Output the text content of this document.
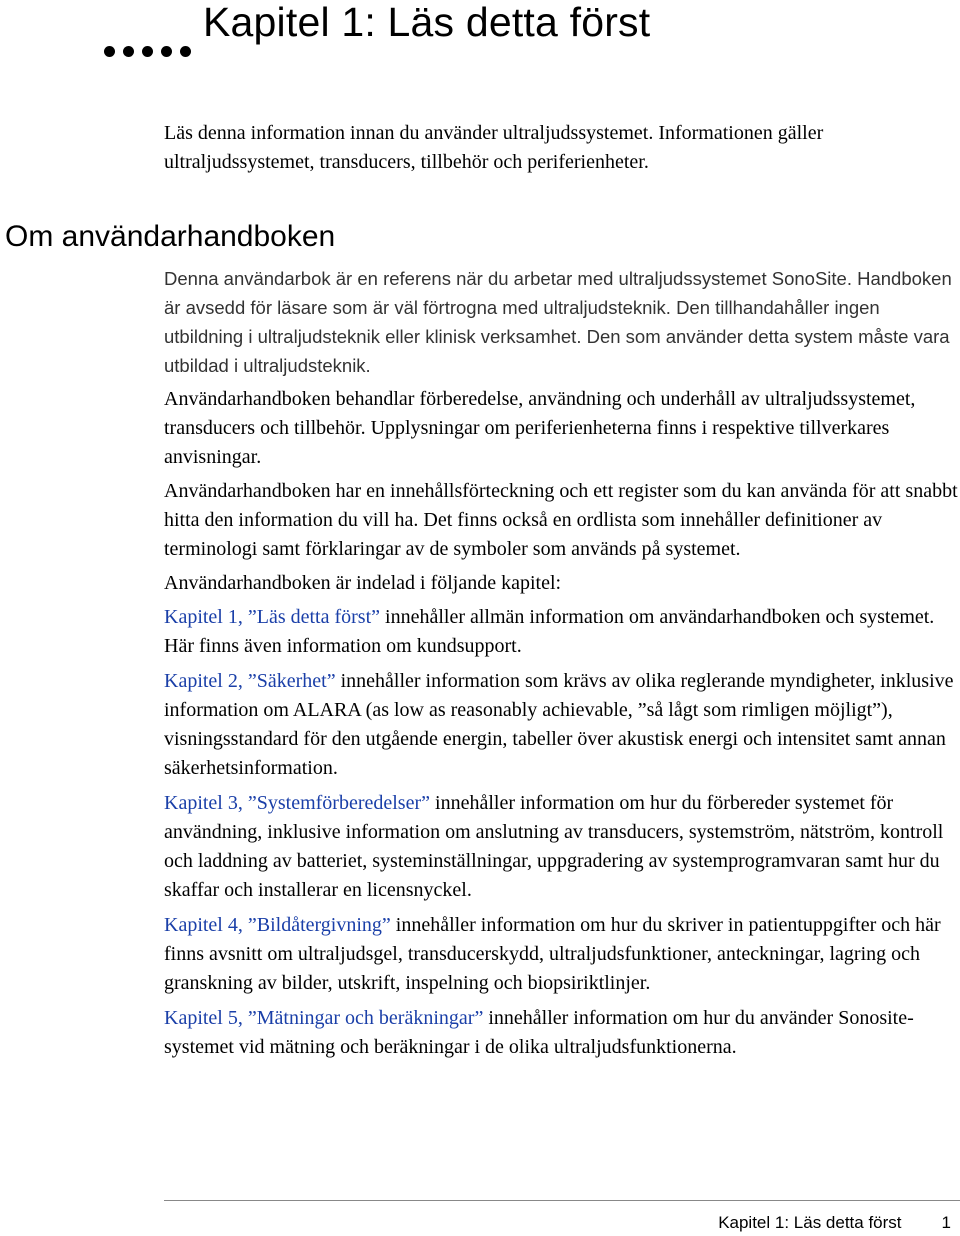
Kapitel 1: Läs detta först

Läs denna information innan du använder ultraljudssystemet. Informationen gäller ultraljudssystemet, transducers, tillbehör och periferienheter.

Om användarhandboken

Denna användarbok är en referens när du arbetar med ultraljudssystemet SonoSite. Handboken är avsedd för läsare som är väl förtrogna med ultraljudsteknik. Den tillhandahåller ingen utbildning i ultraljudsteknik eller klinisk verksamhet. Den som använder detta system måste vara utbildad i ultraljudsteknik.

Användarhandboken behandlar förberedelse, användning och underhåll av ultraljudssystemet, transducers och tillbehör. Upplysningar om periferienheterna finns i respektive tillverkares anvisningar.

Användarhandboken har en innehållsförteckning och ett register som du kan använda för att snabbt hitta den information du vill ha. Det finns också en ordlista som innehåller definitioner av terminologi samt förklaringar av de symboler som används på systemet.

Användarhandboken är indelad i följande kapitel:

Kapitel 1, ”Läs detta först” innehåller allmän information om användarhandboken och systemet. Här finns även information om kundsupport.

Kapitel 2, ”Säkerhet” innehåller information som krävs av olika reglerande myndigheter, inklusive information om ALARA (as low as reasonably achievable, ”så lågt som rimligen möjligt”), visningsstandard för den utgående energin, tabeller över akustisk energi och intensitet samt annan säkerhetsinformation.

Kapitel 3, ”Systemförberedelser” innehåller information om hur du förbereder systemet för användning, inklusive information om anslutning av transducers, systemström, nätström, kontroll och laddning av batteriet, systeminställningar, uppgradering av systemprogramvaran samt hur du skaffar och installerar en licensnyckel.

Kapitel 4, ”Bildåtergivning” innehåller information om hur du skriver in patientuppgifter och här finns avsnitt om ultraljudsgel, transducerskydd, ultraljudsfunktioner, anteckningar, lagring och granskning av bilder, utskrift, inspelning och biopsiriktlinjer.

Kapitel 5, ”Mätningar och beräkningar” innehåller information om hur du använder Sonosite-systemet vid mätning och beräkningar i de olika ultraljudsfunktionerna.

Kapitel 1: Läs detta först 1
